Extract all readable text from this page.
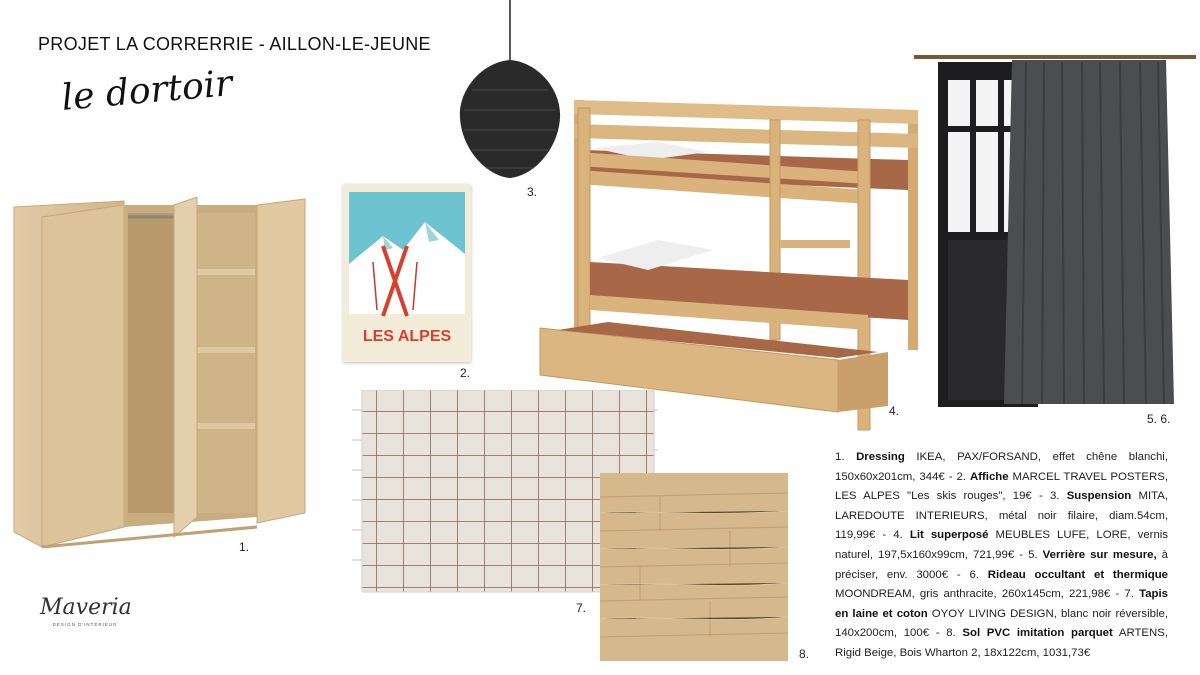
PROJET LA CORRERRIE - AILLON-LE-JEUNE
le dortoir
1.
LES ALPES
2.
3.
4.
5. 6.
7.
8.
1. Dressing IKEA, PAX/FORSAND, effet chêne blanchi, 150x60x201cm, 344€ - 2. Affiche MARCEL TRAVEL POSTERS, LES ALPES "Les skis rouges", 19€ - 3. Suspension MITA, LAREDOUTE INTERIEURS, métal noir filaire, diam.54cm, 119,99€ - 4. Lit superposé MEUBLES LUFE, LORE, vernis naturel, 197,5x160x99cm, 721,99€ - 5. Verrière sur mesure, à préciser, env. 3000€ - 6. Rideau occultant et thermique MOONDREAM, gris anthracite, 260x145cm, 221,98€ - 7. Tapis en laine et coton OYOY LIVING DESIGN, blanc noir réversible, 140x200cm, 100€ - 8. Sol PVC imitation parquet ARTENS, Rigid Beige, Bois Wharton 2, 18x122cm, 1031,73€
Maveria
DESIGN D'INTÉRIEUR
